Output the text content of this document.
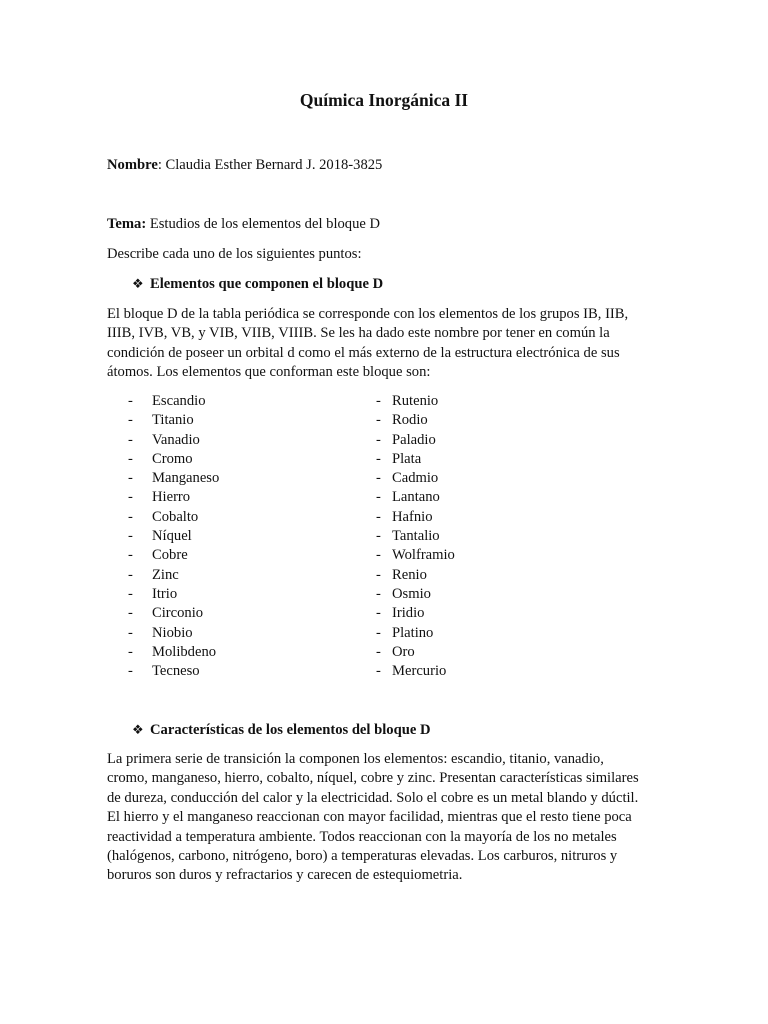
Química Inorgánica II
Nombre: Claudia Esther Bernard J. 2018-3825
Tema: Estudios de los elementos del bloque D
Describe cada uno de los siguientes puntos:
❖ Elementos que componen el bloque D
El bloque D de la tabla periódica se corresponde con los elementos de los grupos IB, IIB,
IIIB, IVB, VB, y VIB, VIIB, VIIIB. Se les ha dado este nombre por tener en común la
condición de poseer un orbital d como el más externo de la estructura electrónica de sus
átomos. Los elementos que conforman este bloque son:
- Escandio
- Titanio
- Vanadio
- Cromo
- Manganeso
- Hierro
- Cobalto
- Níquel
- Cobre
- Zinc
- Itrio
- Circonio
- Niobio
- Molibdeno
- Tecneso
- Rutenio
- Rodio
- Paladio
- Plata
- Cadmio
- Lantano
- Hafnio
- Tantalio
- Wolframio
- Renio
- Osmio
- Iridio
- Platino
- Oro
- Mercurio
❖ Características de los elementos del bloque D
La primera serie de transición la componen los elementos: escandio, titanio, vanadio,
cromo, manganeso, hierro, cobalto, níquel, cobre y zinc. Presentan características similares
de dureza, conducción del calor y la electricidad. Solo el cobre es un metal blando y dúctil.
El hierro y el manganeso reaccionan con mayor facilidad, mientras que el resto tiene poca
reactividad a temperatura ambiente. Todos reaccionan con la mayoría de los no metales
(halógenos, carbono, nitrógeno, boro) a temperaturas elevadas. Los carburos, nitruros y
boruros son duros y refractarios y carecen de estequiometria.
